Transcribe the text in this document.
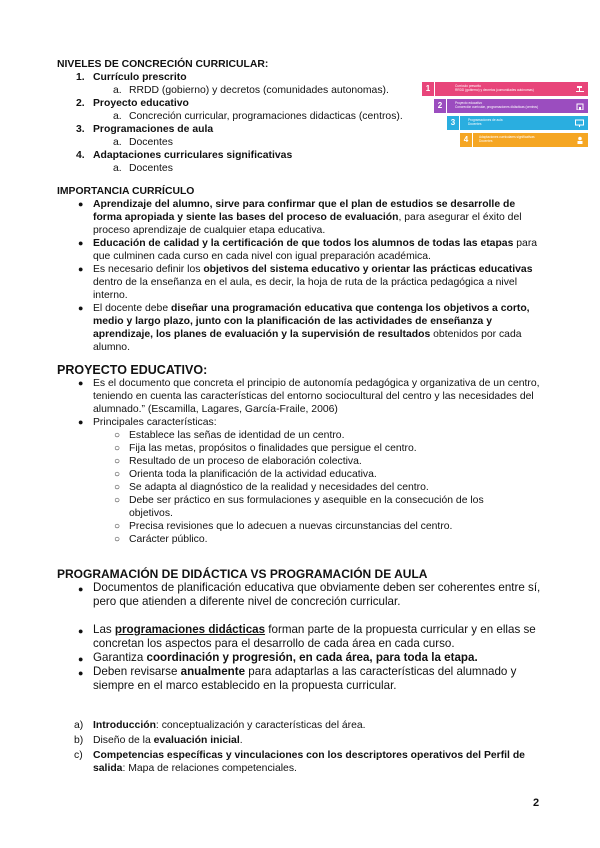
NIVELES DE CONCRECIÓN CURRICULAR:
1. Currículo prescrito
a. RRDD (gobierno) y decretos (comunidades autonomas).
2. Proyecto educativo
a. Concreción curricular, programaciones didacticas (centros).
3. Programaciones de aula
a. Docentes
4. Adaptaciones curriculares significativas
a. Docentes
1	Currículo prescrito
RRDD (gobierno) y decretos (comunidades autónomas)
2	Proyecto educativo
Concreción curricular, programaciones didácticas (centros)
3	Programaciones de aula
Docentes
4	Adaptaciones curriculares significativas
Docentes
IMPORTANCIA CURRÍCULO
● Aprendizaje del alumno, sirve para confirmar que el plan de estudios se desarrolle de forma apropiada y siente las bases del proceso de evaluación, para asegurar el éxito del proceso aprendizaje de cualquier etapa educativa.
● Educación de calidad y la certificación de que todos los alumnos de todas las etapas para que culminen cada curso en cada nivel con igual preparación académica.
● Es necesario definir los objetivos del sistema educativo y orientar las prácticas educativas dentro de la enseñanza en el aula, es decir, la hoja de ruta de la práctica pedagógica a nivel interno.
● El docente debe diseñar una programación educativa que contenga los objetivos a corto, medio y largo plazo, junto con la planificación de las actividades de enseñanza y aprendizaje, los planes de evaluación y la supervisión de resultados obtenidos por cada alumno.
PROYECTO EDUCATIVO:
● Es el documento que concreta el principio de autonomía pedagógica y organizativa de un centro, teniendo en cuenta las características del entorno sociocultural del centro y las necesidades del alumnado.” (Escamilla, Lagares, García-Fraile, 2006)
● Principales características:
○ Establece las señas de identidad de un centro.
○ Fija las metas, propósitos o finalidades que persigue el centro.
○ Resultado de un proceso de elaboración colectiva.
○ Orienta toda la planificación de la actividad educativa.
○ Se adapta al diagnóstico de la realidad y necesidades del centro.
○ Debe ser práctico en sus formulaciones y asequible en la consecución de los objetivos.
○ Precisa revisiones que lo adecuen a nuevas circunstancias del centro.
○ Carácter público.
PROGRAMACIÓN DE DIDÁCTICA VS PROGRAMACIÓN DE AULA
● Documentos de planificación educativa que obviamente deben ser coherentes entre sí, pero que atienden a diferente nivel de concreción curricular.
● Las programaciones didácticas forman parte de la propuesta curricular y en ellas se concretan los aspectos para el desarrollo de cada área en cada curso.
● Garantiza coordinación y progresión, en cada área, para toda la etapa.
● Deben revisarse anualmente para adaptarlas a las características del alumnado y siempre en el marco establecido en la propuesta curricular.
a) Introducción: conceptualización y características del área.
b) Diseño de la evaluación inicial.
c) Competencias específicas y vinculaciones con los descriptores operativos del Perfil de salida: Mapa de relaciones competenciales.
2
